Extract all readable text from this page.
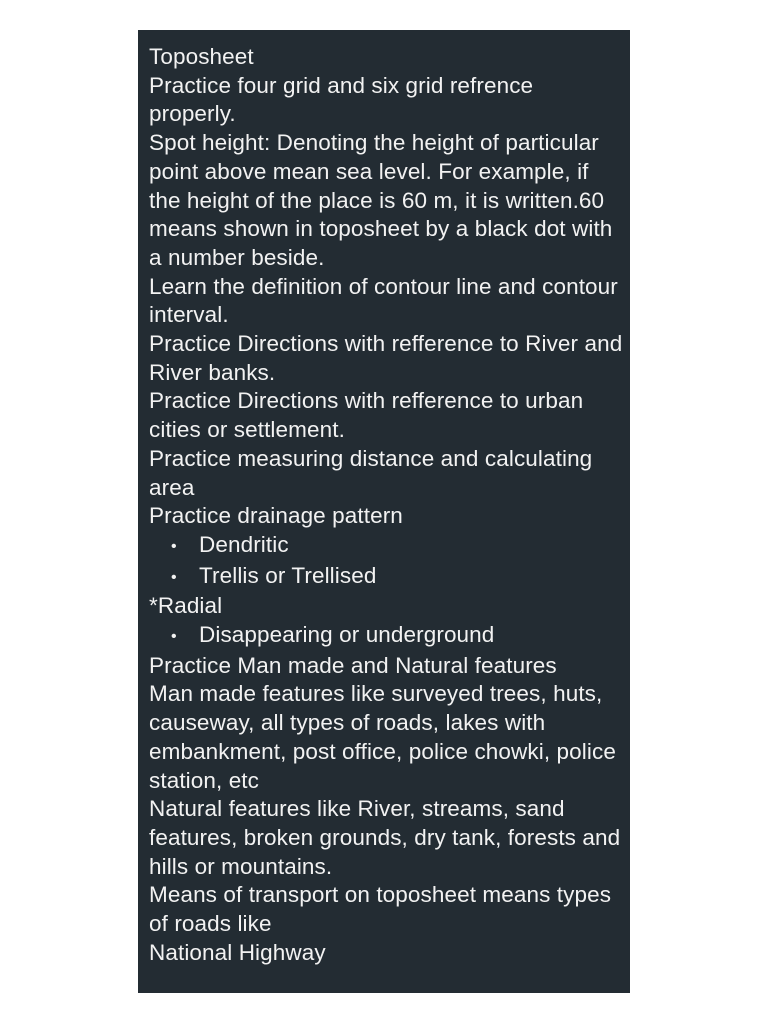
Toposheet
Practice four grid and six grid refrence properly.
Spot height: Denoting the height of particular point above mean sea level. For example, if the height of the place is 60 m, it is written.60 means shown in toposheet by a black dot with a number beside.
Learn the definition of contour line and contour interval.
Practice Directions with refference to River and River banks.
Practice Directions with refference to urban cities or settlement.
Practice measuring distance and calculating area
Practice drainage pattern
• Dendritic
• Trellis or Trellised
*Radial
• Disappearing or underground
Practice Man made and Natural features
Man made features like surveyed trees, huts, causeway, all types of roads, lakes with embankment, post office, police chowki, police station, etc
Natural features like River, streams, sand features, broken grounds, dry tank, forests and hills or mountains.
Means of transport on toposheet means types of roads like
National Highway
